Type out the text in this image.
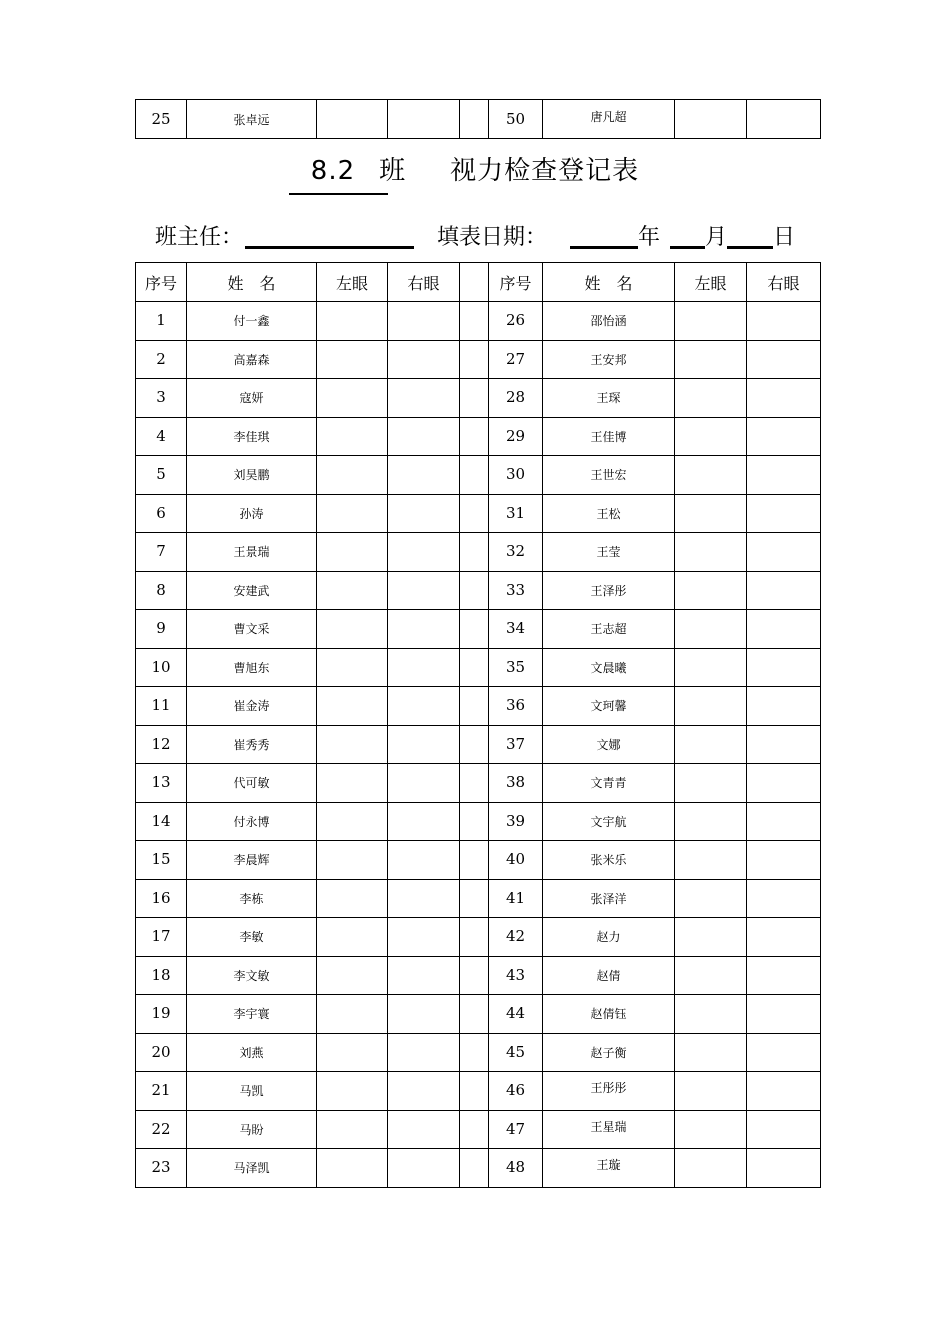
25	张卓远				50	唐凡超		
8.2 班 视力检查登记表
班主任：	填表日期：	年 月 日
序号	姓　名	左眼	右眼		序号	姓　名	左眼	右眼
1	付一鑫				26	邵怡涵		
2	高嘉森				27	王安邦		
3	寇妍				28	王琛		
4	李佳琪				29	王佳博		
5	刘昊鹏				30	王世宏		
6	孙涛				31	王松		
7	王景瑞				32	王莹		
8	安建武				33	王泽彤		
9	曹文采				34	王志超		
10	曹旭东				35	文晨曦		
11	崔金涛				36	文珂馨		
12	崔秀秀				37	文娜		
13	代可敏				38	文青青		
14	付永博				39	文宇航		
15	李晨辉				40	张米乐		
16	李栋				41	张泽洋		
17	李敏				42	赵力		
18	李文敏				43	赵倩		
19	李宇寰				44	赵倩钰		
20	刘燕				45	赵子衡		
21	马凯				46	王彤彤		
22	马盼				47	王星瑞		
23	马泽凯				48	王璇		
